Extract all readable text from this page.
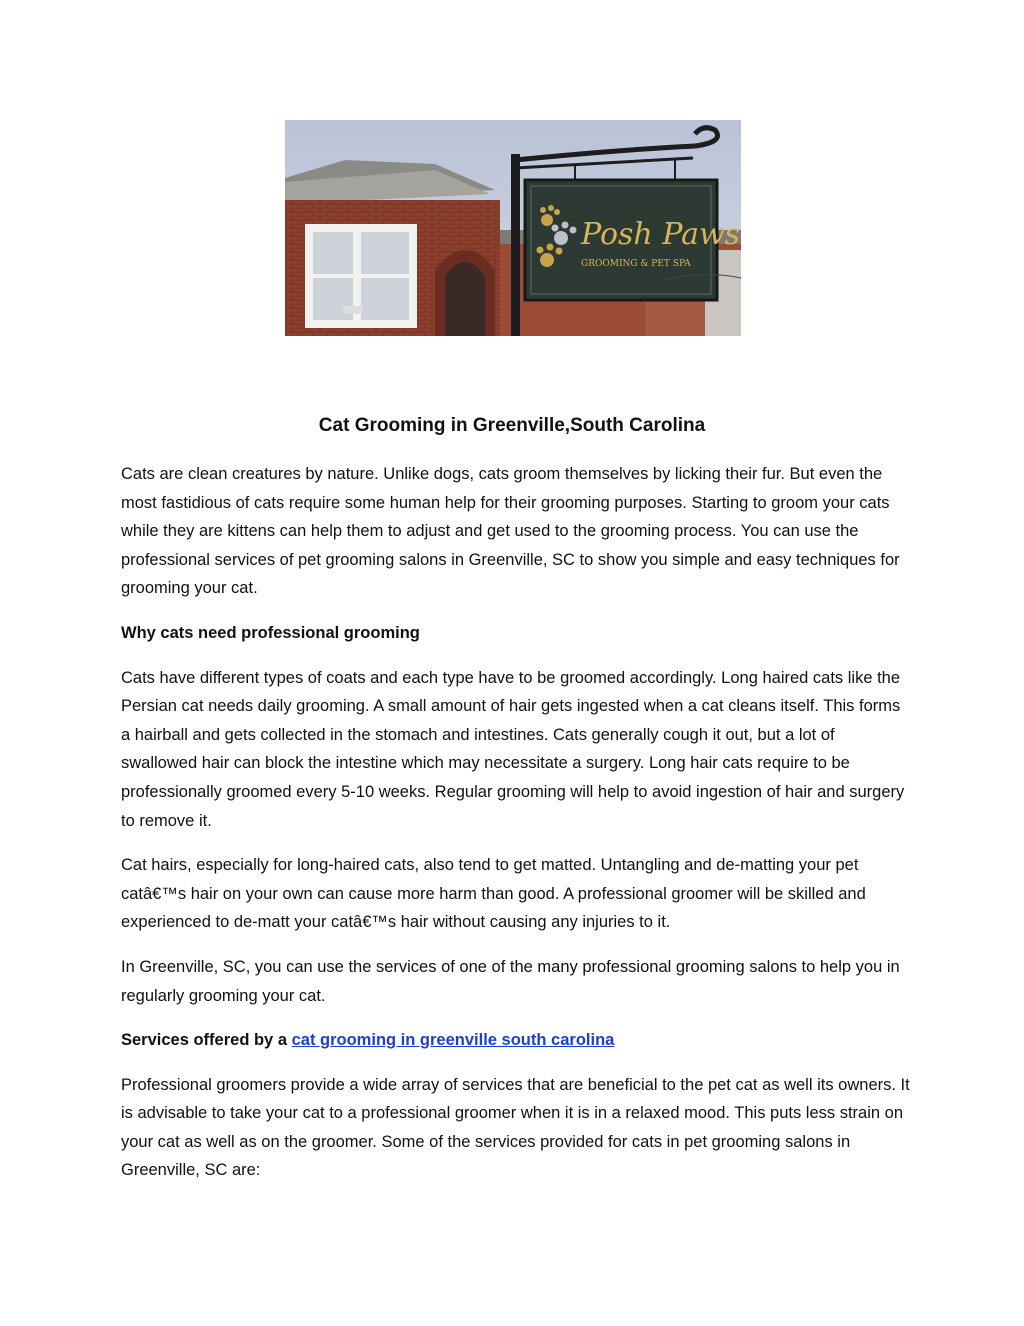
Posh Paws
GROOMING & PET SPA
Cat Grooming in Greenville,South Carolina

Cats are clean creatures by nature. Unlike dogs, cats groom themselves by licking their fur. But even the most fastidious of cats require some human help for their grooming purposes. Starting to groom your cats while they are kittens can help them to adjust and get used to the grooming process. You can use the professional services of pet grooming salons in Greenville, SC to show you simple and easy techniques for grooming your cat.

Why cats need professional grooming

Cats have different types of coats and each type have to be groomed accordingly. Long haired cats like the Persian cat needs daily grooming. A small amount of hair gets ingested when a cat cleans itself. This forms a hairball and gets collected in the stomach and intestines. Cats generally cough it out, but a lot of swallowed hair can block the intestine which may necessitate a surgery. Long hair cats require to be professionally groomed every 5-10 weeks. Regular grooming will help to avoid ingestion of hair and surgery to remove it.

Cat hairs, especially for long-haired cats, also tend to get matted. Untangling and de-matting your pet catâ€™s hair on your own can cause more harm than good. A professional groomer will be skilled and experienced to de-matt your catâ€™s hair without causing any injuries to it.

In Greenville, SC, you can use the services of one of the many professional grooming salons to help you in regularly grooming your cat.

Services offered by a cat grooming in greenville south carolina

Professional groomers provide a wide array of services that are beneficial to the pet cat as well its owners. It is advisable to take your cat to a professional groomer when it is in a relaxed mood. This puts less strain on your cat as well as on the groomer. Some of the services provided for cats in pet grooming salons in Greenville, SC are:
